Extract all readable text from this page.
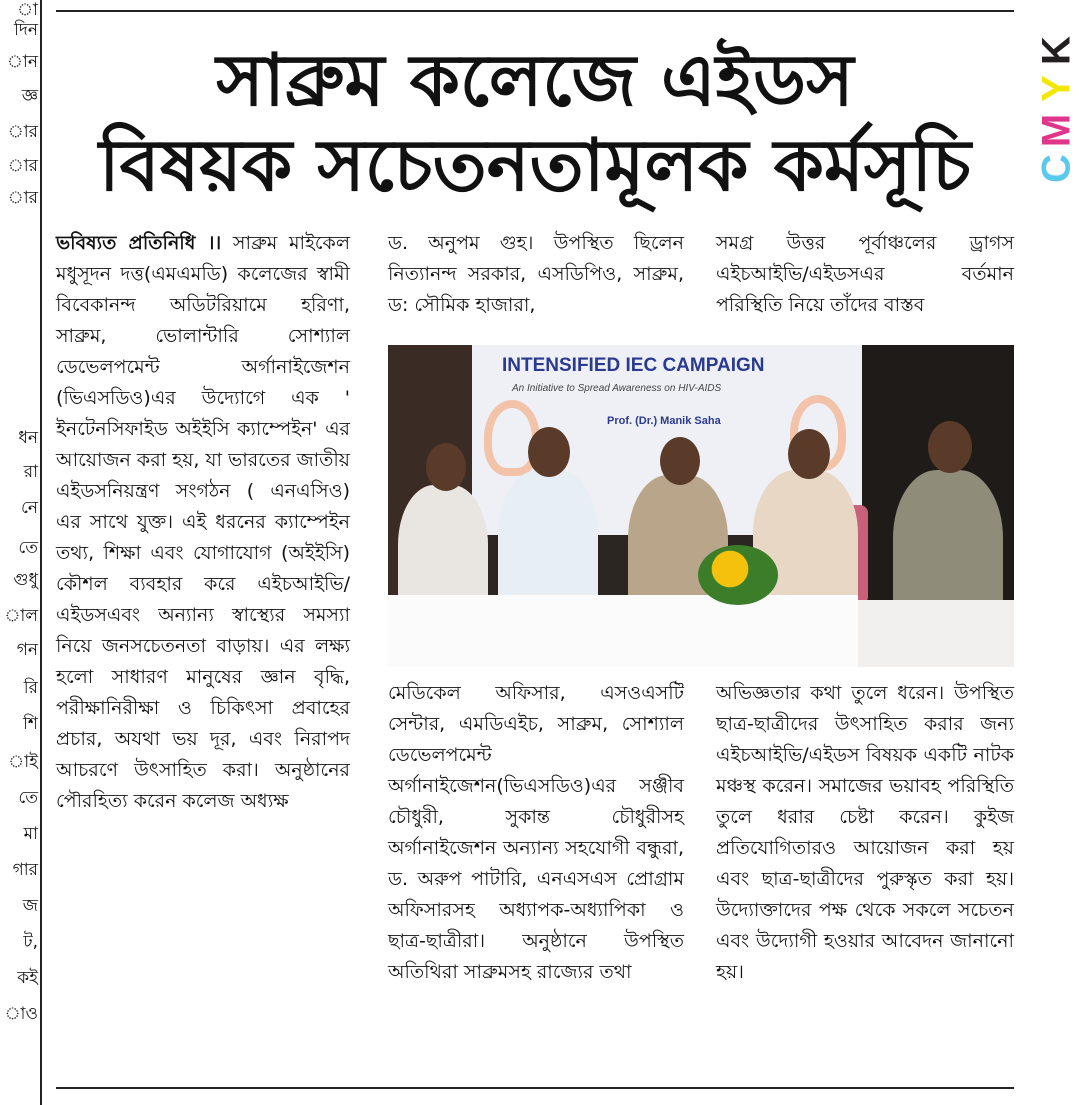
া
দিন
ান
জ্ঞ
ার
ার
ার
ধন
রা
নে
তে
গুধু
াল
গন
রি
শি
াই
তে
মা
গার
জ
ট,
কই
াও
সাব্রুম কলেজে এইডস
বিষয়ক সচেতনতামূলক কর্মসূচি
K
Y
M
C
ভবিষ্যত প্রতিনিধি ।। সাব্রুম মাইকেল মধুসূদন দত্ত(এমএমডি) কলেজের স্বামী বিবেকানন্দ অডিটরিয়ামে হরিণা, সাব্রুম, ভোলান্টারি সোশ্যাল ডেভেলপমেন্ট অর্গানাইজেশন (ভিএসডিও)এর উদ্যোগে এক ' ইনটেনসিফাইড অইইসি ক্যাম্পেইন' এর আয়োজন করা হয়, যা ভারতের জাতীয় এইডসনিয়ন্ত্রণ সংগঠন ( এনএসিও) এর সাথে যুক্ত। এই ধরনের ক্যাম্পেইন তথ্য, শিক্ষা এবং যোগাযোগ (অইইসি) কৌশল ব্যবহার করে এইচআইভি/ এইডসএবং অন্যান্য স্বাস্থ্যের সমস্যা নিয়ে জনসচেতনতা বাড়ায়। এর লক্ষ্য হলো সাধারণ মানুষের জ্ঞান বৃদ্ধি, পরীক্ষানিরীক্ষা ও চিকিৎসা প্রবাহের প্রচার, অযথা ভয় দূর, এবং নিরাপদ আচরণে উৎসাহিত করা। অনুষ্ঠানের পৌরহিত্য করেন কলেজ অধ্যক্ষ
ড. অনুপম গুহ। উপস্থিত ছিলেন নিত্যানন্দ সরকার, এসডিপিও, সাব্রুম, ড: সৌমিক হাজারা,
সমগ্র উত্তর পূর্বাঞ্চলের ড্রাগস এইচআইভি/এইডসএর বর্তমান পরিস্থিতি নিয়ে তাঁদের বাস্তব
INTENSIFIED IEC CAMPAIGN
An Initiative to Spread Awareness on HIV-AIDS
Prof. (Dr.) Manik Saha
মেডিকেল অফিসার, এসওএসটি সেন্টার, এমডিএইচ, সাব্রুম, সোশ্যাল ডেভেলপমেন্ট অর্গানাইজেশন(ভিএসডিও)এর সঞ্জীব চৌধুরী, সুকান্ত চৌধুরীসহ অর্গানাইজেশন অন্যান্য সহযোগী বন্ধুরা, ড. অরুপ পাটারি, এনএসএস প্রোগ্রাম অফিসারসহ অধ্যাপক-অধ্যাপিকা ও ছাত্র-ছাত্রীরা। অনুষ্ঠানে উপস্থিত অতিথিরা সাব্রুমসহ রাজ্যের তথা
অভিজ্ঞতার কথা তুলে ধরেন। উপস্থিত ছাত্র-ছাত্রীদের উৎসাহিত করার জন্য এইচআইভি/এইডস বিষয়ক একটি নাটক মঞ্চস্থ করেন। সমাজের ভয়াবহ পরিস্থিতি তুলে ধরার চেষ্টা করেন। কুইজ প্রতিযোগিতারও আয়োজন করা হয় এবং ছাত্র-ছাত্রীদের পুরুস্কৃত করা হয়। উদ্যোক্তাদের পক্ষ থেকে সকলে সচেতন এবং উদ্যোগী হওয়ার আবেদন জানানো হয়।
